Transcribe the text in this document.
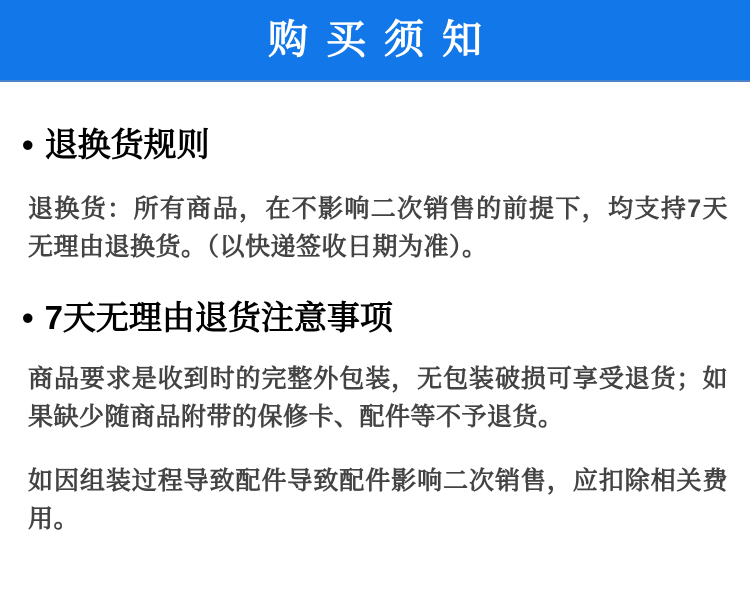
购买须知
• 退换货规则

退换货：所有商品，在不影响二次销售的前提下，均支持7天无理由退换货。（以快递签收日期为准）。

• 7天无理由退货注意事项

商品要求是收到时的完整外包装，无包装破损可享受退货；如果缺少随商品附带的保修卡、配件等不予退货。

如因组装过程导致配件导致配件影响二次销售，应扣除相关费用。
